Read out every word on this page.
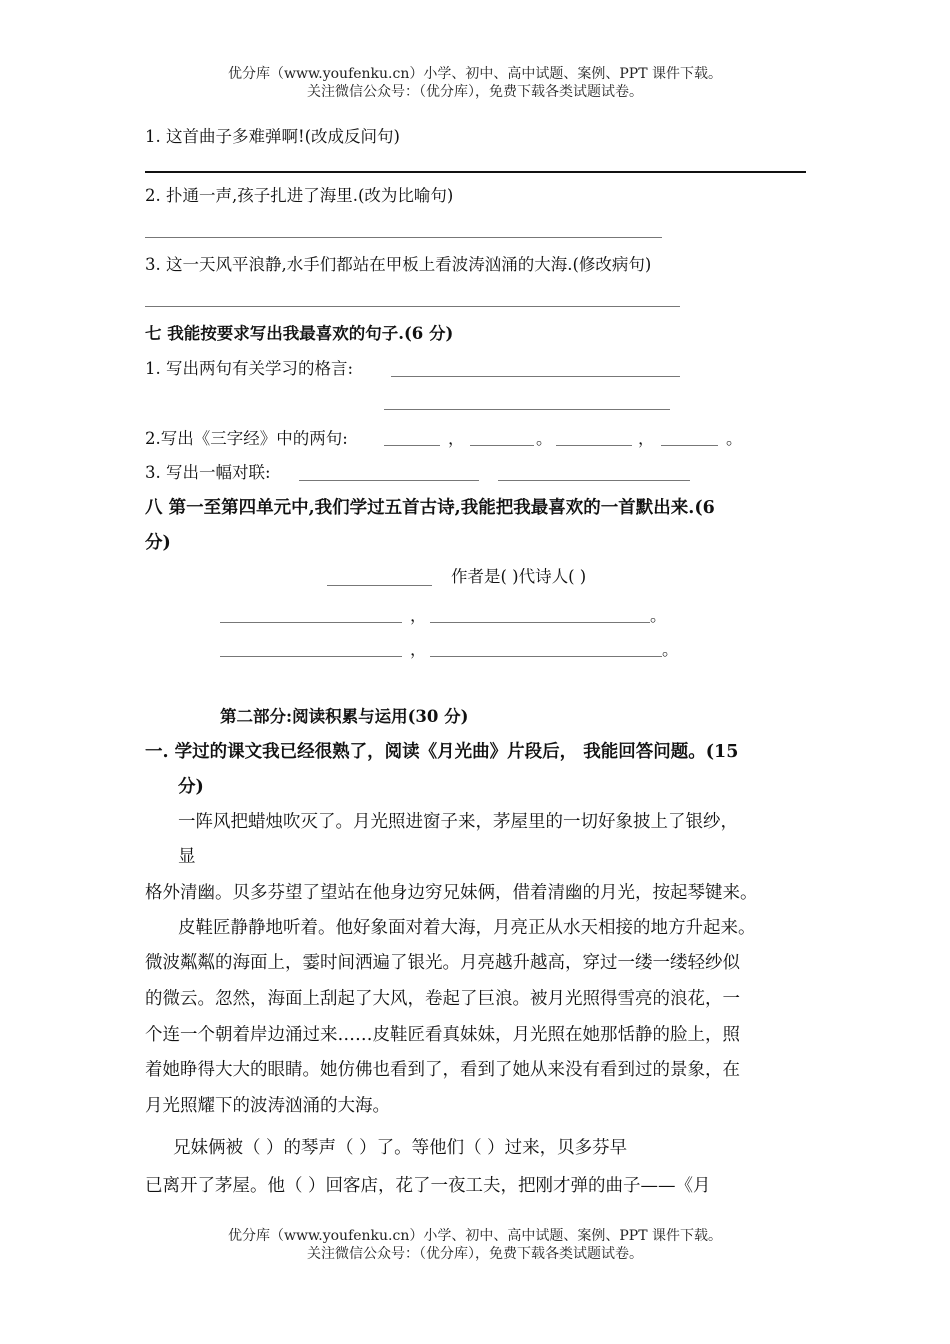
优分库（www.youfenku.cn）小学、初中、高中试题、案例、PPT 课件下载。
关注微信公众号：（优分库），免费下载各类试题试卷。
1. 这首曲子多难弹啊!(改成反问句)
2. 扑通一声,孩子扎进了海里.(改为比喻句)
3. 这一天风平浪静,水手们都站在甲板上看波涛汹涌的大海.(修改病句)
七 我能按要求写出我最喜欢的句子.(6 分)
1. 写出两句有关学习的格言:
2.写出《三字经》中的两句:	，	。	，	。
3. 写出一幅对联:
八 第一至第四单元中,我们学过五首古诗,我能把我最喜欢的一首默出来.(6
分)
作者是( )代诗人( )
，	。
，	。
第二部分:阅读积累与运用(30 分)
一. 学过的课文我已经很熟了，阅读《月光曲》片段后， 我能回答问题。(15
分)
一阵风把蜡烛吹灭了。月光照进窗子来，茅屋里的一切好象披上了银纱，
显
格外清幽。贝多芬望了望站在他身边穷兄妹俩，借着清幽的月光，按起琴键来。
皮鞋匠静静地听着。他好象面对着大海，月亮正从水天相接的地方升起来。
微波粼粼的海面上，霎时间洒遍了银光。月亮越升越高，穿过一缕一缕轻纱似
的微云。忽然，海面上刮起了大风，卷起了巨浪。被月光照得雪亮的浪花，一
个连一个朝着岸边涌过来……皮鞋匠看真妹妹，月光照在她那恬静的脸上，照
着她睁得大大的眼睛。她仿佛也看到了，看到了她从来没有看到过的景象，在
月光照耀下的波涛汹涌的大海。
兄妹俩被（ ）的琴声（ ）了。等他们（ ）过来，贝多芬早
已离开了茅屋。他（ ）回客店，花了一夜工夫，把刚才弹的曲子——《月
优分库（www.youfenku.cn）小学、初中、高中试题、案例、PPT 课件下载。
关注微信公众号：（优分库），免费下载各类试题试卷。
